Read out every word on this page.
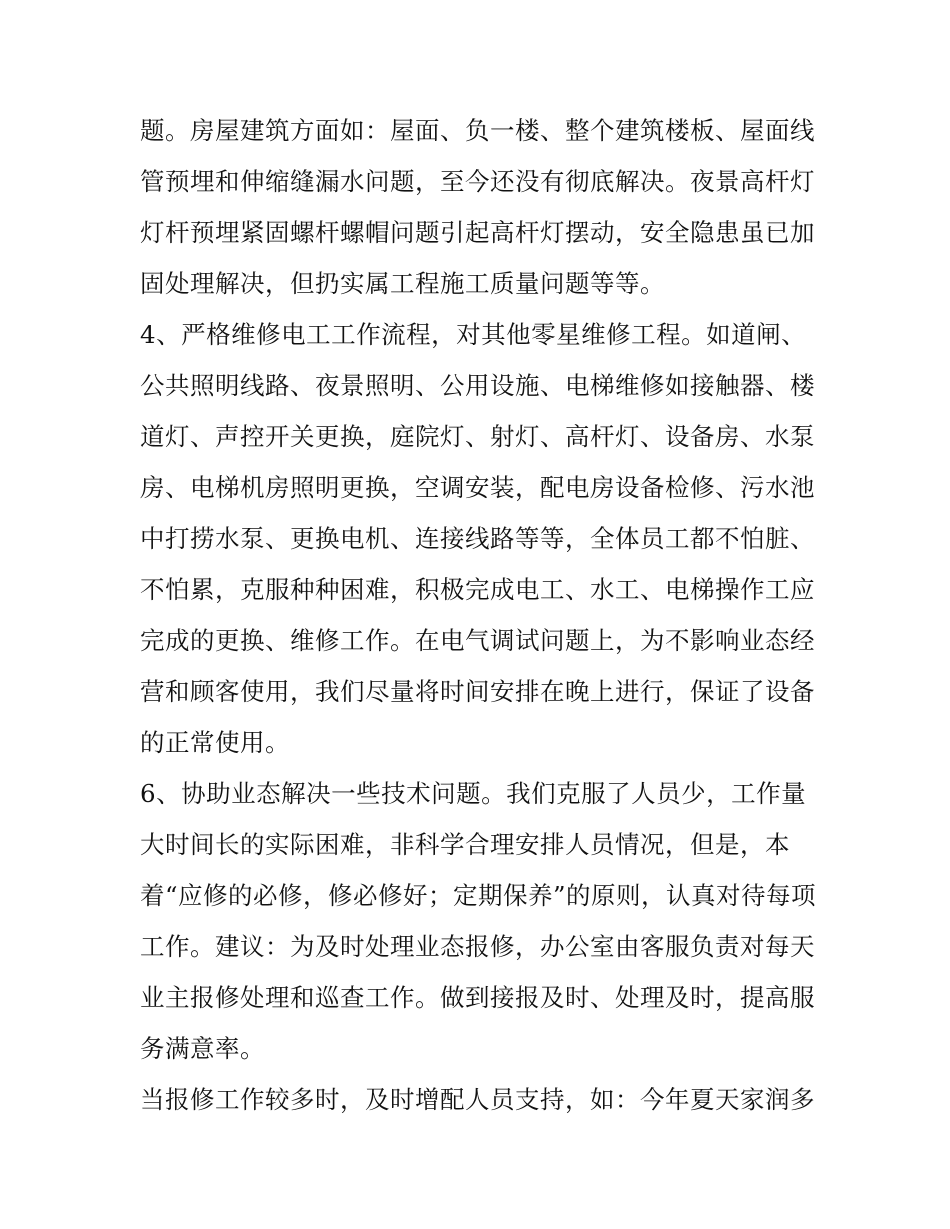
题。房屋建筑方面如：屋面、负一楼、整个建筑楼板、屋面线
管预埋和伸缩缝漏水问题，至今还没有彻底解决。夜景高杆灯
灯杆预埋紧固螺杆螺帽问题引起高杆灯摆动，安全隐患虽已加
固处理解决，但扔实属工程施工质量问题等等。
4、严格维修电工工作流程，对其他零星维修工程。如道闸、
公共照明线路、夜景照明、公用设施、电梯维修如接触器、楼
道灯、声控开关更换，庭院灯、射灯、高杆灯、设备房、水泵
房、电梯机房照明更换，空调安装，配电房设备检修、污水池
中打捞水泵、更换电机、连接线路等等，全体员工都不怕脏、
不怕累，克服种种困难，积极完成电工、水工、电梯操作工应
完成的更换、维修工作。在电气调试问题上，为不影响业态经
营和顾客使用，我们尽量将时间安排在晚上进行，保证了设备
的正常使用。
6、协助业态解决一些技术问题。我们克服了人员少，工作量
大时间长的实际困难，非科学合理安排人员情况，但是，本
着“应修的必修，修必修好；定期保养”的原则，认真对待每项
工作。建议：为及时处理业态报修，办公室由客服负责对每天
业主报修处理和巡查工作。做到接报及时、处理及时，提高服
务满意率。
当报修工作较多时，及时增配人员支持，如：今年夏天家润多
